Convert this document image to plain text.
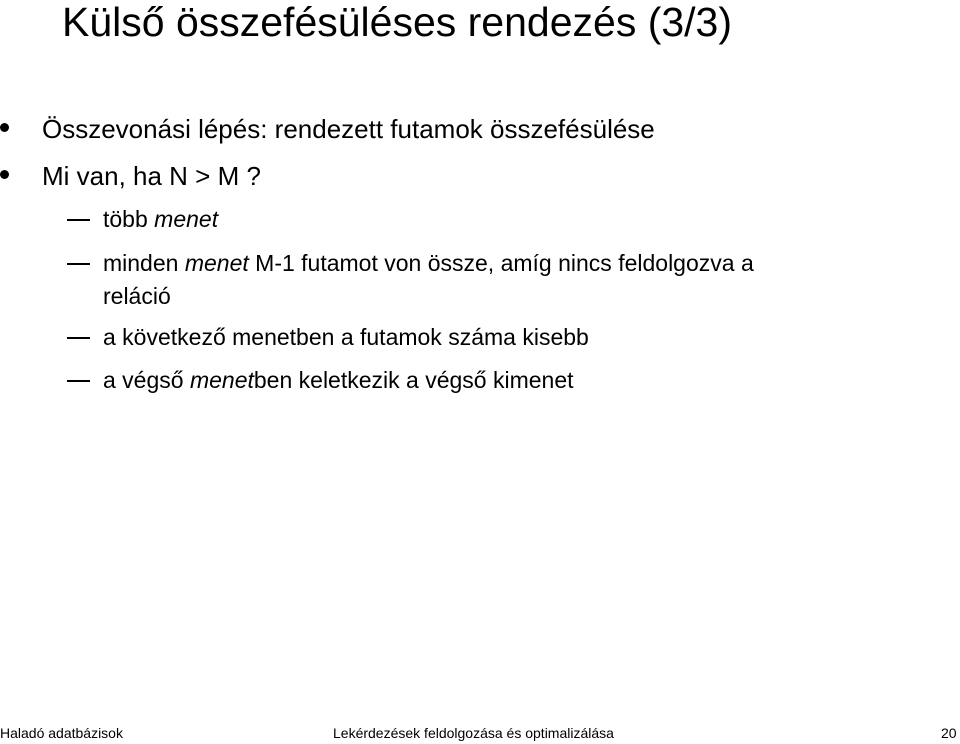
Külső összefésüléses rendezés (3/3)
Összevonási lépés: rendezett futamok összefésülése
Mi van, ha N > M ?
több menet
minden menet M-1 futamot von össze, amíg nincs feldolgozva a
reláció
a következő menetben a futamok száma kisebb
a végső menetben keletkezik a végső kimenet
Haladó adatbázisok	Lekérdezések feldolgozása és optimalizálása	20
